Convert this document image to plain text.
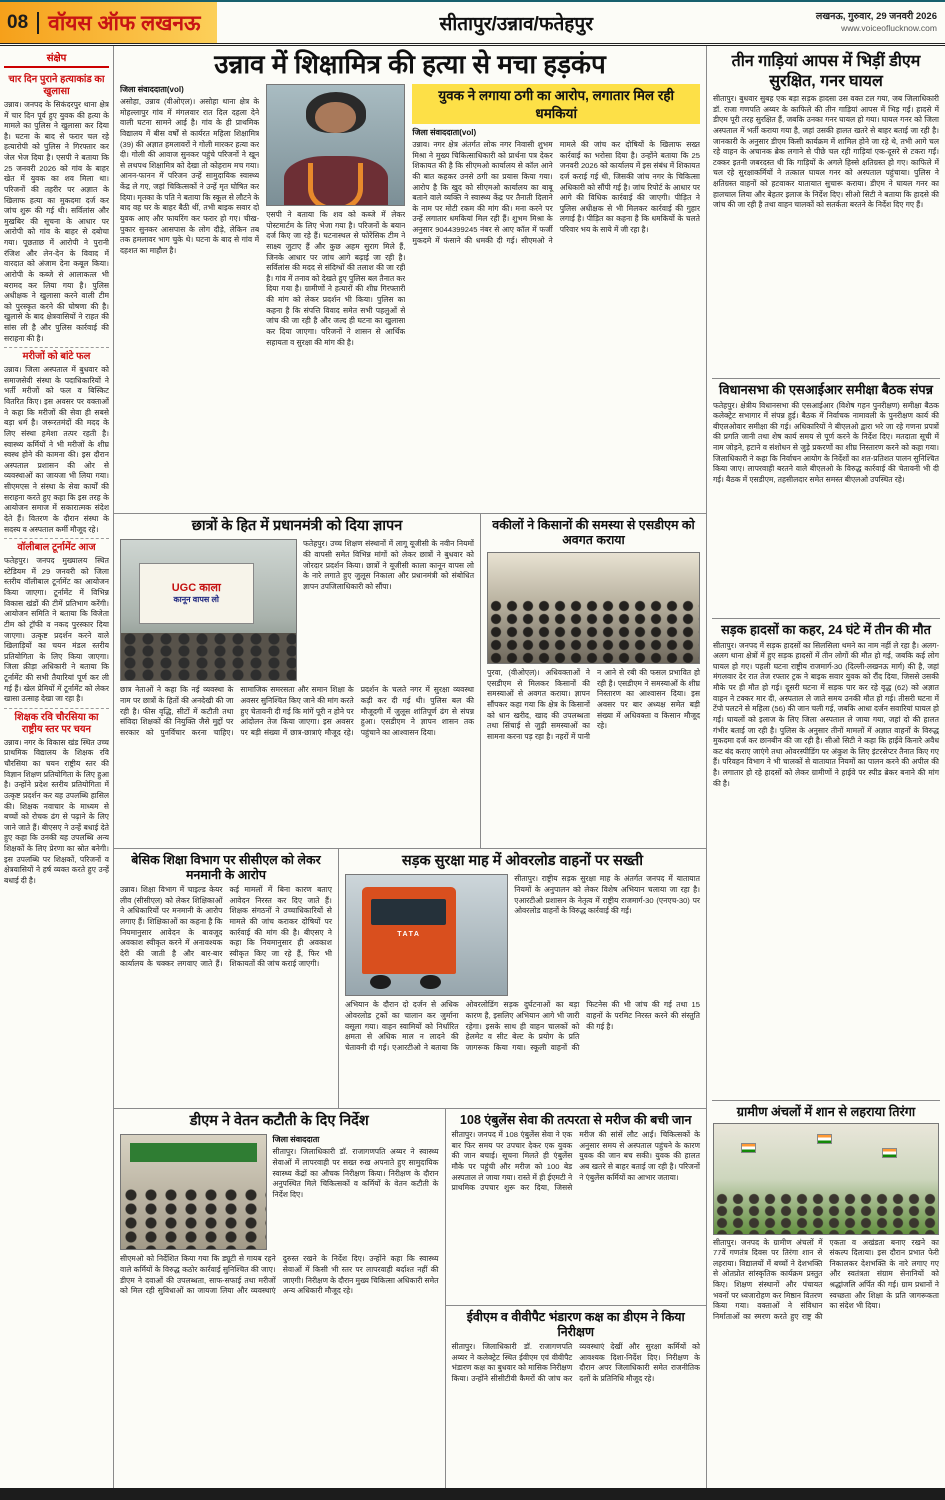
08 वॉयस ऑफ लखनऊ	सीतापुर/उन्नाव/फतेहपुर	लखनऊ, गुरुवार, 29 जनवरी 2026
www.voiceoflucknow.com
संक्षेप
चार दिन पुराने हत्याकांड का खुलासा

उन्नाव। जनपद के सिकंदरपुर थाना क्षेत्र में चार दिन पूर्व हुए युवक की हत्या के मामले का पुलिस ने खुलासा कर दिया है। घटना के बाद से फरार चल रहे हत्यारोपी को पुलिस ने गिरफ्तार कर जेल भेज दिया है। एसपी ने बताया कि 25 जनवरी 2026 को गांव के बाहर खेत में युवक का शव मिला था। परिजनों की तहरीर पर अज्ञात के खिलाफ हत्या का मुकदमा दर्ज कर जांच शुरू की गई थी। सर्विलांस और मुखबिर की सूचना के आधार पर आरोपी को गांव के बाहर से दबोचा गया। पूछताछ में आरोपी ने पुरानी रंजिश और लेन-देन के विवाद में वारदात को अंजाम देना कबूल किया। आरोपी के कब्जे से आलाकत्ल भी बरामद कर लिया गया है। पुलिस अधीक्षक ने खुलासा करने वाली टीम को पुरस्कृत करने की घोषणा की है। खुलासे के बाद क्षेत्रवासियों ने राहत की सांस ली है और पुलिस कार्रवाई की सराहना की है।

मरीजों को बांटे फल

उन्नाव। जिला अस्पताल में बुधवार को समाजसेवी संस्था के पदाधिकारियों ने भर्ती मरीजों को फल व बिस्किट वितरित किए। इस अवसर पर वक्ताओं ने कहा कि मरीजों की सेवा ही सबसे बड़ा धर्म है। जरूरतमंदों की मदद के लिए संस्था हमेशा तत्पर रहती है। स्वास्थ्य कर्मियों ने भी मरीजों के शीघ्र स्वस्थ होने की कामना की। इस दौरान अस्पताल प्रशासन की ओर से व्यवस्थाओं का जायजा भी लिया गया। सीएमएस ने संस्था के सेवा कार्यों की सराहना करते हुए कहा कि इस तरह के आयोजन समाज में सकारात्मक संदेश देते हैं। वितरण के दौरान संस्था के सदस्य व अस्पताल कर्मी मौजूद रहे।

वॉलीबाल टूर्नामेंट आज

फतेहपुर। जनपद मुख्यालय स्थित स्टेडियम में 29 जनवरी को जिला स्तरीय वॉलीबाल टूर्नामेंट का आयोजन किया जाएगा। टूर्नामेंट में विभिन्न विकास खंडों की टीमें प्रतिभाग करेंगी। आयोजन समिति ने बताया कि विजेता टीम को ट्रॉफी व नकद पुरस्कार दिया जाएगा। उत्कृष्ट प्रदर्शन करने वाले खिलाड़ियों का चयन मंडल स्तरीय प्रतियोगिता के लिए किया जाएगा। जिला क्रीड़ा अधिकारी ने बताया कि टूर्नामेंट की सभी तैयारियां पूर्ण कर ली गई हैं। खेल प्रेमियों में टूर्नामेंट को लेकर खासा उत्साह देखा जा रहा है।

शिक्षक रवि चौरसिया का राष्ट्रीय स्तर पर चयन

उन्नाव। नगर के विकास खंड स्थित उच्च प्राथमिक विद्यालय के शिक्षक रवि चौरसिया का चयन राष्ट्रीय स्तर की विज्ञान शिक्षण प्रतियोगिता के लिए हुआ है। उन्होंने प्रदेश स्तरीय प्रतियोगिता में उत्कृष्ट प्रदर्शन कर यह उपलब्धि हासिल की। शिक्षक नवाचार के माध्यम से बच्चों को रोचक ढंग से पढ़ाने के लिए जाने जाते हैं। बीएसए ने उन्हें बधाई देते हुए कहा कि उनकी यह उपलब्धि अन्य शिक्षकों के लिए प्रेरणा का स्रोत बनेगी। इस उपलब्धि पर शिक्षकों, परिजनों व क्षेत्रवासियों ने हर्ष व्यक्त करते हुए उन्हें बधाई दी है।

उन्नाव में शिक्षामित्र की हत्या से मचा हड़कंप
जिला संवाददाता(vol)

असोहा, उन्नाव (वीओएल)। असोहा थाना क्षेत्र के मोहल्लापुर गांव में मंगलवार रात दिल दहला देने वाली घटना सामने आई है। गांव के ही प्राथमिक विद्यालय में बीस वर्षों से कार्यरत महिला शिक्षामित्र (39) की अज्ञात हमलावरों ने गोली मारकर हत्या कर दी। गोली की आवाज सुनकर पहुंचे परिजनों ने खून से लथपथ शिक्षामित्र को देखा तो कोहराम मच गया। आनन-फानन में परिजन उन्हें सामुदायिक स्वास्थ्य केंद्र ले गए, जहां चिकित्सकों ने उन्हें मृत घोषित कर दिया। मृतका के पति ने बताया कि स्कूल से लौटने के बाद वह घर के बाहर बैठी थीं, तभी बाइक सवार दो युवक आए और फायरिंग कर फरार हो गए। चीख-पुकार सुनकर आसपास के लोग दौड़े, लेकिन तब तक हमलावर भाग चुके थे। घटना के बाद से गांव में दहशत का माहौल है।

एसपी ने बताया कि शव को कब्जे में लेकर पोस्टमार्टम के लिए भेजा गया है। परिजनों के बयान दर्ज किए जा रहे हैं। घटनास्थल से फोरेंसिक टीम ने साक्ष्य जुटाए हैं और कुछ अहम सुराग मिले हैं, जिनके आधार पर जांच आगे बढ़ाई जा रही है। सर्विलांस की मदद से संदिग्धों की तलाश की जा रही है। गांव में तनाव को देखते हुए पुलिस बल तैनात कर दिया गया है। ग्रामीणों ने हत्यारों की शीघ्र गिरफ्तारी की मांग को लेकर प्रदर्शन भी किया। पुलिस का कहना है कि संपत्ति विवाद समेत सभी पहलुओं से जांच की जा रही है और जल्द ही घटना का खुलासा कर दिया जाएगा। परिजनों ने शासन से आर्थिक सहायता व सुरक्षा की मांग की है।

युवक ने लगाया ठगी का आरोप, लगातार मिल रही धमकियां
जिला संवाददाता(vol)

उन्नाव। नगर क्षेत्र अंतर्गत लोक नगर निवासी शुभम मिश्रा ने मुख्य चिकित्साधिकारी को प्रार्थना पत्र देकर शिकायत की है कि सीएमओ कार्यालय से कॉल आने की बात कहकर उनसे ठगी का प्रयास किया गया। आरोप है कि खुद को सीएमओ कार्यालय का बाबू बताने वाले व्यक्ति ने स्वास्थ्य केंद्र पर तैनाती दिलाने के नाम पर मोटी रकम की मांग की। मना करने पर उन्हें लगातार धमकियां मिल रही हैं। शुभम मिश्रा के अनुसार 9044399245 नंबर से आए कॉल में फर्जी मुकदमे में फंसाने की धमकी दी गई। सीएमओ ने मामले की जांच कर दोषियों के खिलाफ सख्त कार्रवाई का भरोसा दिया है। उन्होंने बताया कि 25 जनवरी 2026 को कार्यालय में इस संबंध में शिकायत दर्ज कराई गई थी, जिसकी जांच नगर के चिकित्सा अधिकारी को सौंपी गई है। जांच रिपोर्ट के आधार पर आगे की विधिक कार्रवाई की जाएगी। पीड़ित ने पुलिस अधीक्षक से भी मिलकर कार्रवाई की गुहार लगाई है। पीड़ित का कहना है कि धमकियों के चलते परिवार भय के साये में जी रहा है।

छात्रों के हित में प्रधानमंत्री को दिया ज्ञापन
UGC काला
कानून वापस लो

फतेहपुर। उच्च शिक्षण संस्थानों में लागू यूजीसी के नवीन नियमों की वापसी समेत विभिन्न मांगों को लेकर छात्रों ने बुधवार को जोरदार प्रदर्शन किया। छात्रों ने यूजीसी काला कानून वापस लो के नारे लगाते हुए जुलूस निकाला और प्रधानमंत्री को संबोधित ज्ञापन उपजिलाधिकारी को सौंपा।

छात्र नेताओं ने कहा कि नई व्यवस्था के नाम पर छात्रों के हितों की अनदेखी की जा रही है। फीस वृद्धि, सीटों में कटौती तथा संविदा शिक्षकों की नियुक्ति जैसे मुद्दों पर सरकार को पुनर्विचार करना चाहिए। सामाजिक समरसता और समान शिक्षा के अवसर सुनिश्चित किए जाने की मांग करते हुए चेतावनी दी गई कि मांगें पूरी न होने पर आंदोलन तेज किया जाएगा। इस अवसर पर बड़ी संख्या में छात्र-छात्राएं मौजूद रहे। प्रदर्शन के चलते नगर में सुरक्षा व्यवस्था कड़ी कर दी गई थी। पुलिस बल की मौजूदगी में जुलूस शांतिपूर्ण ढंग से संपन्न हुआ। एसडीएम ने ज्ञापन शासन तक पहुंचाने का आश्वासन दिया।

वकीलों ने किसानों की समस्या से एसडीएम को अवगत कराया

पुरवा, (वीओएल)। अधिवक्ताओं ने एसडीएम से मिलकर किसानों की समस्याओं से अवगत कराया। ज्ञापन सौंपकर कहा गया कि क्षेत्र के किसानों को धान खरीद, खाद की उपलब्धता तथा सिंचाई से जुड़ी समस्याओं का सामना करना पड़ रहा है। नहरों में पानी न आने से रबी की फसल प्रभावित हो रही है। एसडीएम ने समस्याओं के शीघ्र निस्तारण का आश्वासन दिया। इस अवसर पर बार अध्यक्ष समेत बड़ी संख्या में अधिवक्ता व किसान मौजूद रहे।

बेसिक शिक्षा विभाग पर सीसीएल को लेकर मनमानी के आरोप

उन्नाव। शिक्षा विभाग में चाइल्ड केयर लीव (सीसीएल) को लेकर शिक्षिकाओं ने अधिकारियों पर मनमानी के आरोप लगाए हैं। शिक्षिकाओं का कहना है कि नियमानुसार आवेदन के बावजूद अवकाश स्वीकृत करने में अनावश्यक देरी की जाती है और बार-बार कार्यालय के चक्कर लगवाए जाते हैं। कई मामलों में बिना कारण बताए आवेदन निरस्त कर दिए जाते हैं। शिक्षक संगठनों ने उच्चाधिकारियों से मामले की जांच कराकर दोषियों पर कार्रवाई की मांग की है। बीएसए ने कहा कि नियमानुसार ही अवकाश स्वीकृत किए जा रहे हैं, फिर भी शिकायतों की जांच कराई जाएगी।

सड़क सुरक्षा माह में ओवरलोड वाहनों पर सख्ती
TATA

सीतापुर। राष्ट्रीय सड़क सुरक्षा माह के अंतर्गत जनपद में यातायात नियमों के अनुपालन को लेकर विशेष अभियान चलाया जा रहा है। एआरटीओ प्रशासन के नेतृत्व में राष्ट्रीय राजमार्ग-30 (एनएच-30) पर ओवरलोड वाहनों के विरुद्ध कार्रवाई की गई।

अभियान के दौरान दो दर्जन से अधिक ओवरलोड ट्रकों का चालान कर जुर्माना वसूला गया। वाहन स्वामियों को निर्धारित क्षमता से अधिक माल न लादने की चेतावनी दी गई। एआरटीओ ने बताया कि ओवरलोडिंग सड़क दुर्घटनाओं का बड़ा कारण है, इसलिए अभियान आगे भी जारी रहेगा। इसके साथ ही वाहन चालकों को हेलमेट व सीट बेल्ट के प्रयोग के प्रति जागरूक किया गया। स्कूली वाहनों की फिटनेस की भी जांच की गई तथा 15 वाहनों के परमिट निरस्त करने की संस्तुति की गई है।

डीएम ने वेतन कटौती के दिए निर्देश
जिला संवाददाता

सीतापुर। जिलाधिकारी डॉ. राजागणपति अय्यर ने स्वास्थ्य सेवाओं में लापरवाही पर सख्त रुख अपनाते हुए सामुदायिक स्वास्थ्य केंद्रों का औचक निरीक्षण किया। निरीक्षण के दौरान अनुपस्थित मिले चिकित्सकों व कर्मियों के वेतन कटौती के निर्देश दिए।

सीएमओ को निर्देशित किया गया कि ड्यूटी से गायब रहने वाले कर्मियों के विरुद्ध कठोर कार्रवाई सुनिश्चित की जाए। डीएम ने दवाओं की उपलब्धता, साफ-सफाई तथा मरीजों को मिल रही सुविधाओं का जायजा लिया और व्यवस्थाएं दुरुस्त रखने के निर्देश दिए। उन्होंने कहा कि स्वास्थ्य सेवाओं में किसी भी स्तर पर लापरवाही बर्दाश्त नहीं की जाएगी। निरीक्षण के दौरान मुख्य चिकित्सा अधिकारी समेत अन्य अधिकारी मौजूद रहे।

108 एंबुलेंस सेवा की तत्परता से मरीज की बची जान

सीतापुर। जनपद में 108 एंबुलेंस सेवा ने एक बार फिर समय पर उपचार देकर एक युवक की जान बचाई। सूचना मिलते ही एंबुलेंस मौके पर पहुंची और मरीज को 100 बेड अस्पताल ले जाया गया। रास्ते में ही ईएमटी ने प्राथमिक उपचार शुरू कर दिया, जिससे मरीज की सांसें लौट आईं। चिकित्सकों के अनुसार समय से अस्पताल पहुंचने के कारण युवक की जान बच सकी। युवक की हालत अब खतरे से बाहर बताई जा रही है। परिजनों ने एंबुलेंस कर्मियों का आभार जताया।

ईवीएम व वीवीपैट भंडारण कक्ष का डीएम ने किया निरीक्षण

सीतापुर। जिलाधिकारी डॉ. राजागणपति अय्यर ने कलेक्ट्रेट स्थित ईवीएम एवं वीवीपैट भंडारण कक्ष का बुधवार को मासिक निरीक्षण किया। उन्होंने सीसीटीवी कैमरों की जांच कर व्यवस्थाएं देखीं और सुरक्षा कर्मियों को आवश्यक दिशा-निर्देश दिए। निरीक्षण के दौरान अपर जिलाधिकारी समेत राजनीतिक दलों के प्रतिनिधि मौजूद रहे।

तीन गाड़ियां आपस में भिड़ीं डीएम सुरक्षित, गनर घायल

सीतापुर। बुधवार सुबह एक बड़ा सड़क हादसा उस वक्त टल गया, जब जिलाधिकारी डॉ. राजा गणपति अय्यर के काफिले की तीन गाड़ियां आपस में भिड़ गईं। हादसे में डीएम पूरी तरह सुरक्षित हैं, जबकि उनका गनर घायल हो गया। घायल गनर को जिला अस्पताल में भर्ती कराया गया है, जहां उसकी हालत खतरे से बाहर बताई जा रही है। जानकारी के अनुसार डीएम किसी कार्यक्रम में शामिल होने जा रहे थे, तभी आगे चल रहे वाहन के अचानक ब्रेक लगाने से पीछे चल रही गाड़ियां एक-दूसरे से टकरा गईं। टक्कर इतनी जबरदस्त थी कि गाड़ियों के अगले हिस्से क्षतिग्रस्त हो गए। काफिले में चल रहे सुरक्षाकर्मियों ने तत्काल घायल गनर को अस्पताल पहुंचाया। पुलिस ने क्षतिग्रस्त वाहनों को हटवाकर यातायात सुचारू कराया। डीएम ने घायल गनर का हालचाल लिया और बेहतर इलाज के निर्देश दिए। सीओ सिटी ने बताया कि हादसे की जांच की जा रही है तथा वाहन चालकों को सतर्कता बरतने के निर्देश दिए गए हैं।

विधानसभा की एसआईआर समीक्षा बैठक संपन्न

फतेहपुर। क्षेत्रीय विधानसभा की एसआईआर (विशेष गहन पुनरीक्षण) समीक्षा बैठक कलेक्ट्रेट सभागार में संपन्न हुई। बैठक में निर्वाचक नामावली के पुनरीक्षण कार्य की बीएलओवार समीक्षा की गई। अधिकारियों ने बीएलओ द्वारा भरे जा रहे गणना प्रपत्रों की प्रगति जानी तथा शेष कार्य समय से पूर्ण करने के निर्देश दिए। मतदाता सूची में नाम जोड़ने, हटाने व संशोधन से जुड़े प्रकरणों का शीघ्र निस्तारण करने को कहा गया। जिलाधिकारी ने कहा कि निर्वाचन आयोग के निर्देशों का शत-प्रतिशत पालन सुनिश्चित किया जाए। लापरवाही बरतने वाले बीएलओ के विरुद्ध कार्रवाई की चेतावनी भी दी गई। बैठक में एसडीएम, तहसीलदार समेत समस्त बीएलओ उपस्थित रहे।

सड़क हादसों का कहर, 24 घंटे में तीन की मौत

सीतापुर। जनपद में सड़क हादसों का सिलसिला थमने का नाम नहीं ले रहा है। अलग-अलग थाना क्षेत्रों में हुए सड़क हादसों में तीन लोगों की मौत हो गई, जबकि कई लोग घायल हो गए। पहली घटना राष्ट्रीय राजमार्ग-30 (दिल्ली-लखनऊ मार्ग) की है, जहां मंगलवार देर रात तेज रफ्तार ट्रक ने बाइक सवार युवक को रौंद दिया, जिससे उसकी मौके पर ही मौत हो गई। दूसरी घटना में सड़क पार कर रहे वृद्ध (62) को अज्ञात वाहन ने टक्कर मार दी, अस्पताल ले जाते समय उनकी मौत हो गई। तीसरी घटना में टेंपो पलटने से महिला (56) की जान चली गई, जबकि आधा दर्जन सवारियां घायल हो गईं। घायलों को इलाज के लिए जिला अस्पताल ले जाया गया, जहां दो की हालत गंभीर बताई जा रही है। पुलिस के अनुसार तीनों मामलों में अज्ञात वाहनों के विरुद्ध मुकदमा दर्ज कर छानबीन की जा रही है। सीओ सिटी ने कहा कि हाईवे किनारे अवैध कट बंद कराए जाएंगे तथा ओवरस्पीडिंग पर अंकुश के लिए इंटरसेप्टर तैनात किए गए हैं। परिवहन विभाग ने भी चालकों से यातायात नियमों का पालन करने की अपील की है। लगातार हो रहे हादसों को लेकर ग्रामीणों ने हाईवे पर स्पीड ब्रेकर बनाने की मांग की है।

ग्रामीण अंचलों में शान से लहराया तिरंगा

सीतापुर। जनपद के ग्रामीण अंचलों में 77वें गणतंत्र दिवस पर तिरंगा शान से लहराया। विद्यालयों में बच्चों ने देशभक्ति से ओतप्रोत सांस्कृतिक कार्यक्रम प्रस्तुत किए। शिक्षण संस्थानों और पंचायत भवनों पर ध्वजारोहण कर मिष्ठान वितरण किया गया। वक्ताओं ने संविधान निर्माताओं का स्मरण करते हुए राष्ट्र की एकता व अखंडता बनाए रखने का संकल्प दिलाया। इस दौरान प्रभात फेरी निकालकर देशभक्ति के नारे लगाए गए और स्वतंत्रता संग्राम सेनानियों को श्रद्धांजलि अर्पित की गई। ग्राम प्रधानों ने स्वच्छता और शिक्षा के प्रति जागरूकता का संदेश भी दिया।
